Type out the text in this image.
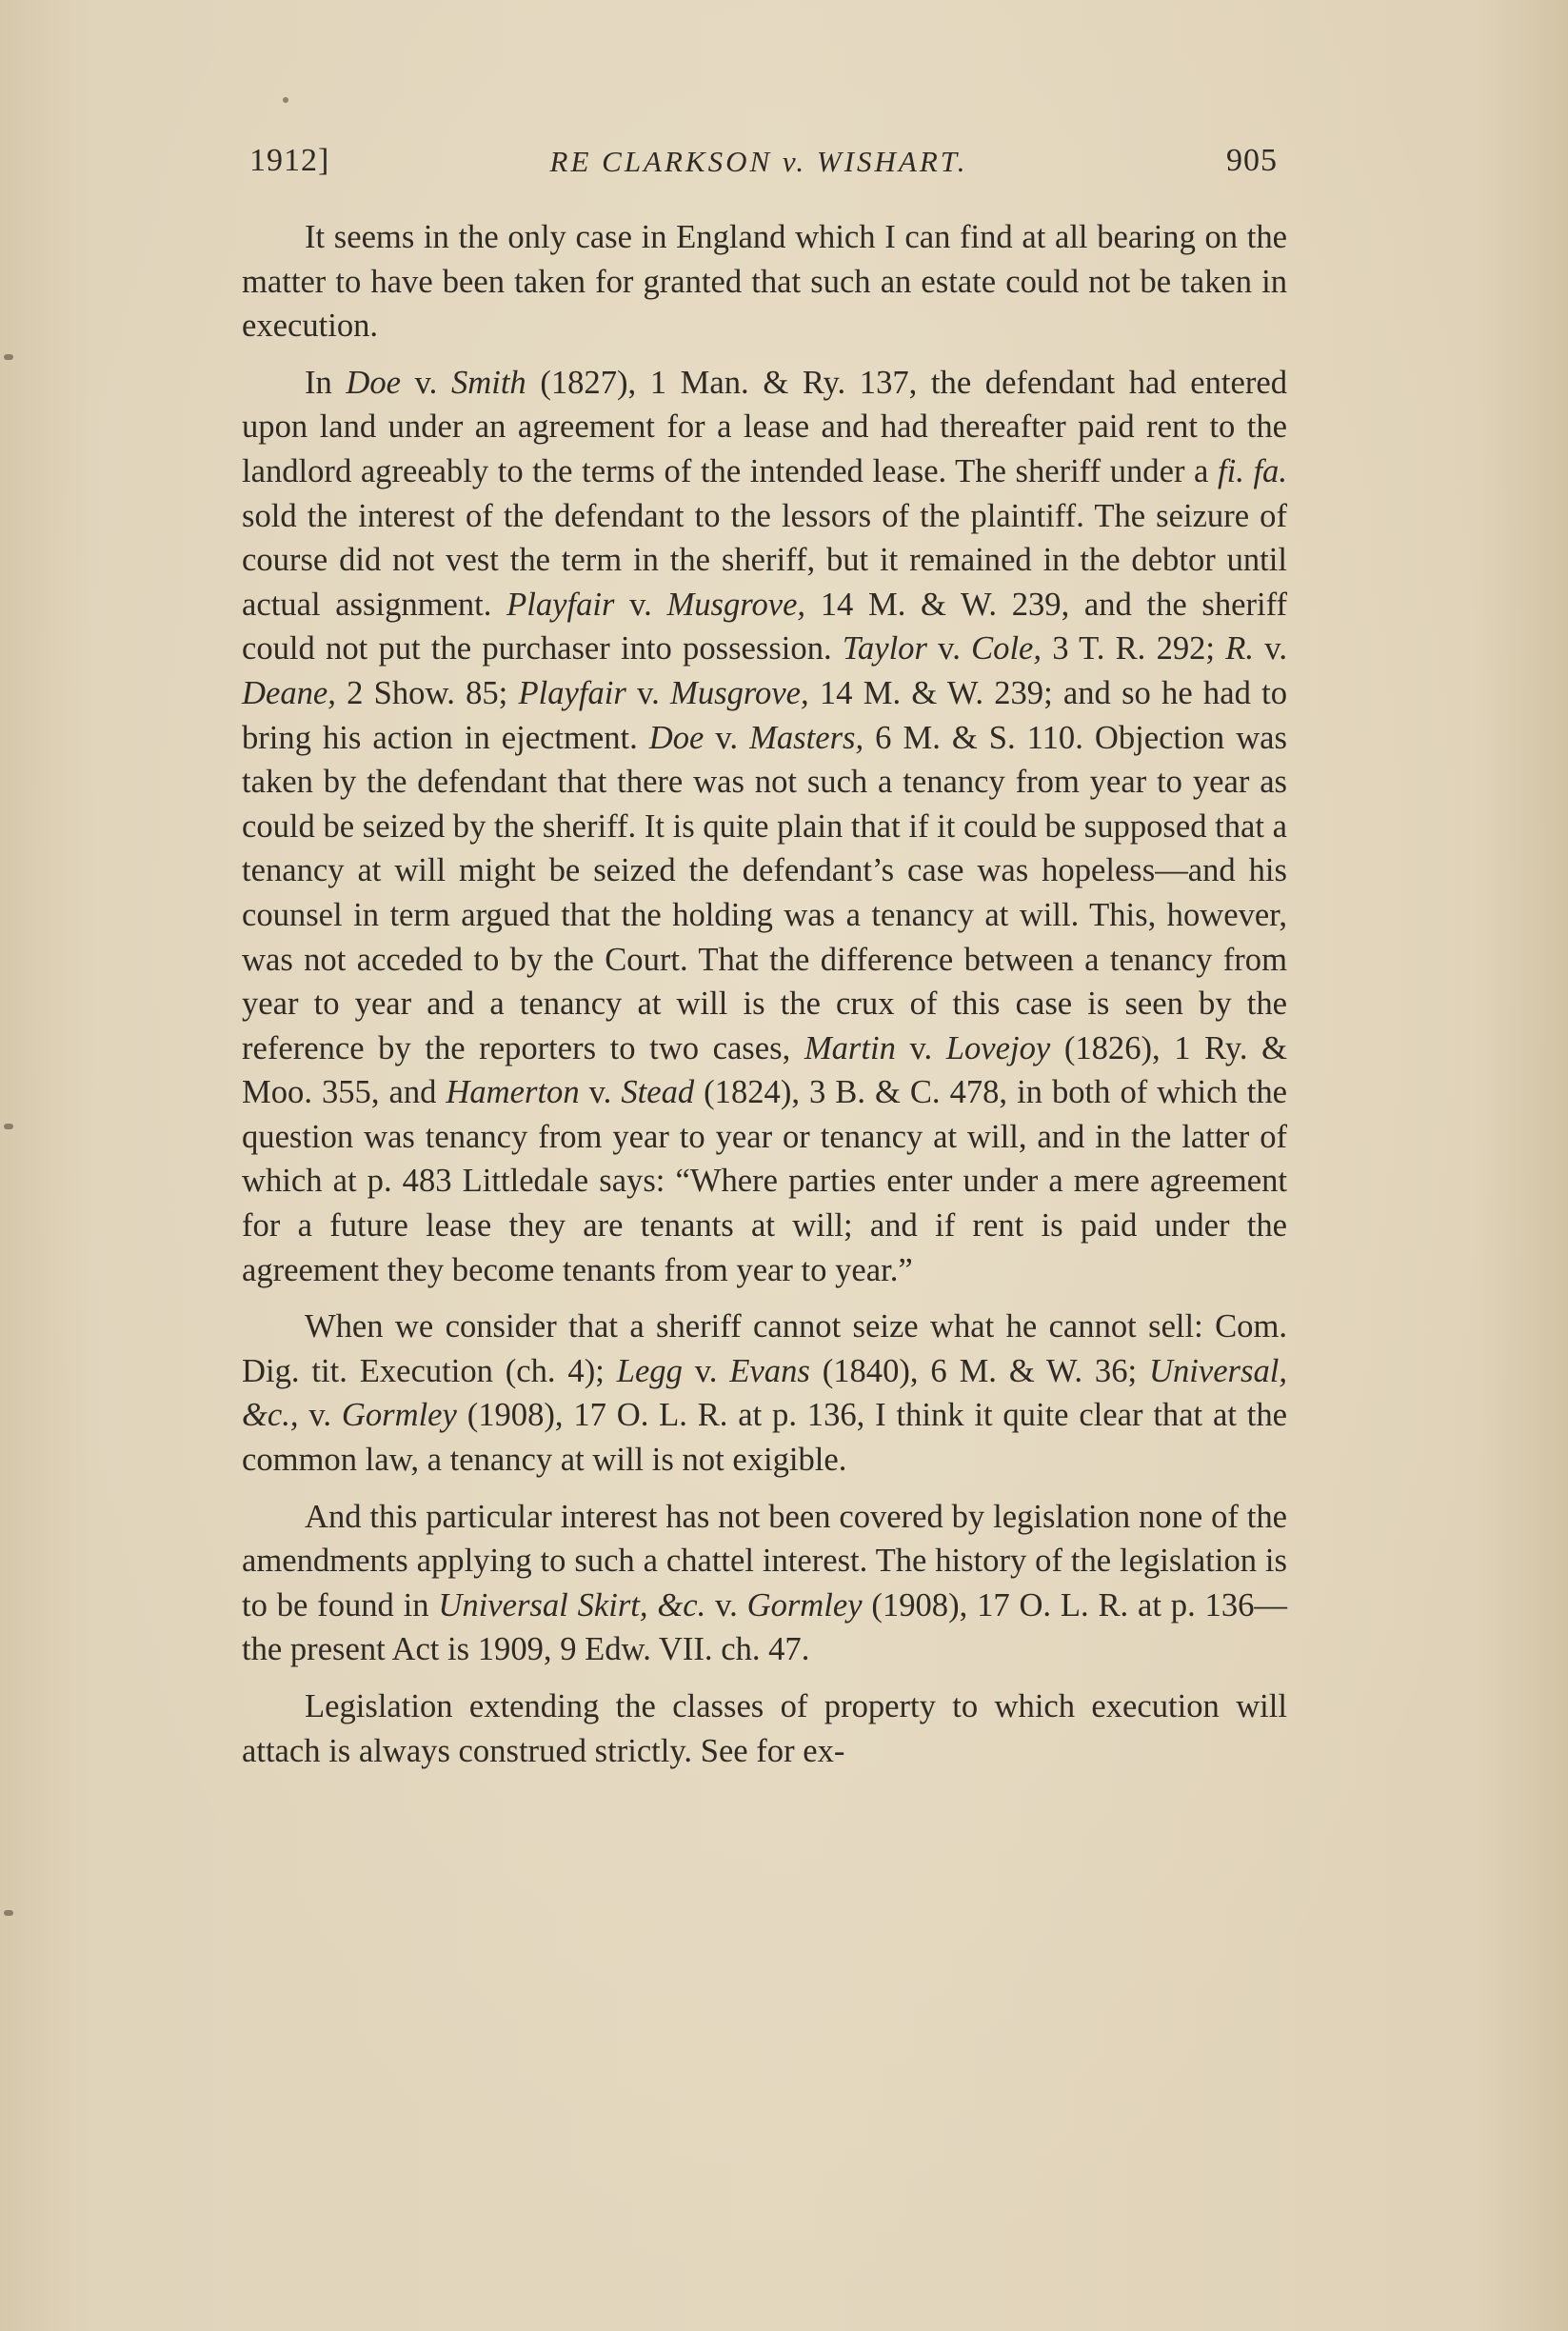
1912]	RE CLARKSON v. WISHART.	905

It seems in the only case in England which I can find at all bearing on the matter to have been taken for granted that such an estate could not be taken in execution.

In Doe v. Smith (1827), 1 Man. & Ry. 137, the defendant had entered upon land under an agreement for a lease and had thereafter paid rent to the landlord agreeably to the terms of the intended lease. The sheriff under a fi. fa. sold the interest of the defendant to the lessors of the plaintiff. The seizure of course did not vest the term in the sheriff, but it remained in the debtor until actual assignment. Playfair v. Musgrove, 14 M. & W. 239, and the sheriff could not put the purchaser into possession. Taylor v. Cole, 3 T. R. 292; R. v. Deane, 2 Show. 85; Playfair v. Musgrove, 14 M. & W. 239; and so he had to bring his action in ejectment. Doe v. Masters, 6 M. & S. 110. Objection was taken by the defendant that there was not such a tenancy from year to year as could be seized by the sheriff. It is quite plain that if it could be supposed that a tenancy at will might be seized the defendant’s case was hopeless—and his counsel in term argued that the holding was a tenancy at will. This, however, was not acceded to by the Court. That the difference between a tenancy from year to year and a tenancy at will is the crux of this case is seen by the reference by the reporters to two cases, Martin v. Lovejoy (1826), 1 Ry. & Moo. 355, and Hamerton v. Stead (1824), 3 B. & C. 478, in both of which the question was tenancy from year to year or tenancy at will, and in the latter of which at p. 483 Littledale says: “Where parties enter under a mere agreement for a future lease they are tenants at will; and if rent is paid under the agreement they become tenants from year to year.”

When we consider that a sheriff cannot seize what he cannot sell: Com. Dig. tit. Execution (ch. 4); Legg v. Evans (1840), 6 M. & W. 36; Universal, &c., v. Gormley (1908), 17 O. L. R. at p. 136, I think it quite clear that at the common law, a tenancy at will is not exigible.

And this particular interest has not been covered by legislation none of the amendments applying to such a chattel interest. The history of the legislation is to be found in Universal Skirt, &c. v. Gormley (1908), 17 O. L. R. at p. 136—the present Act is 1909, 9 Edw. VII. ch. 47.

Legislation extending the classes of property to which execution will attach is always construed strictly. See for ex-
